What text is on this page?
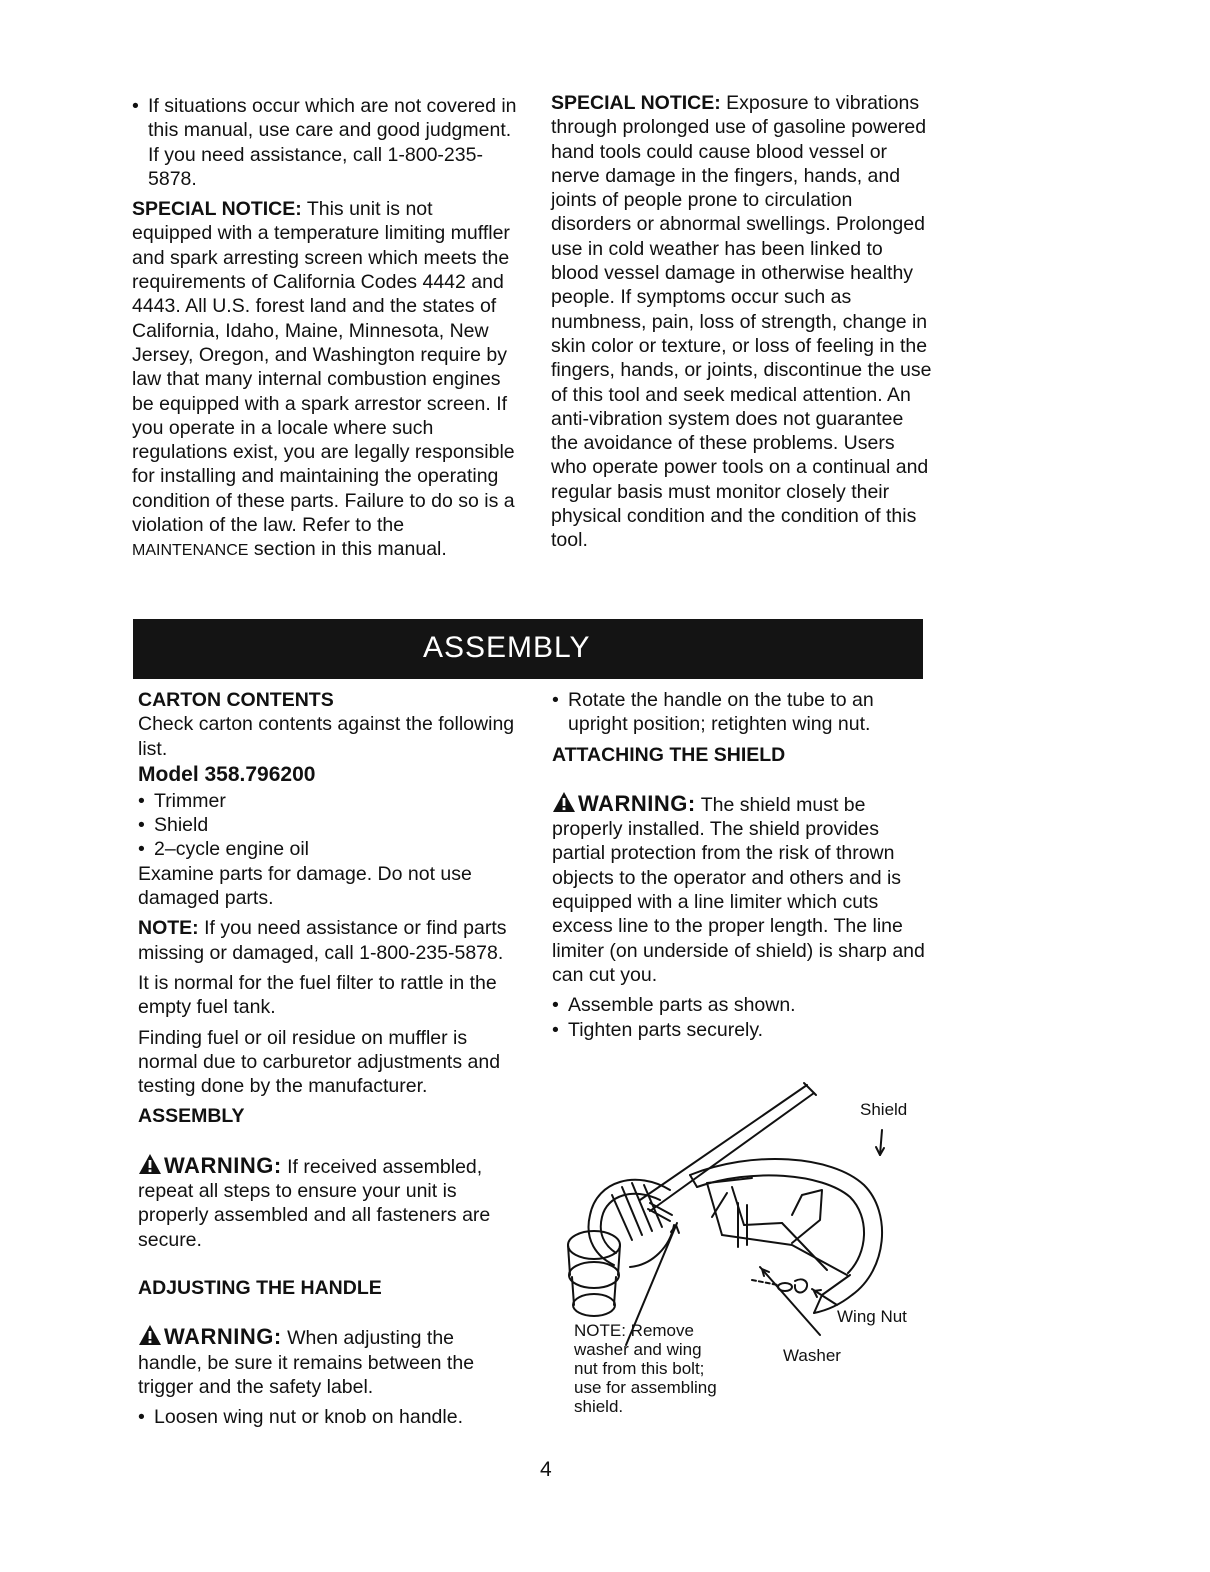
• If situations occur which are not covered in this manual, use care and good judgment. If you need assistance, call 1-800-235-5878.

SPECIAL NOTICE: This unit is not equipped with a temperature limiting muffler and spark arresting screen which meets the requirements of California Codes 4442 and 4443. All U.S. forest land and the states of California, Idaho, Maine, Minnesota, New Jersey, Oregon, and Washington require by law that many internal combustion engines be equipped with a spark arrestor screen. If you operate in a locale where such regulations exist, you are legally responsible for installing and maintaining the operating condition of these parts. Failure to do so is a violation of the law. Refer to the MAINTENANCE section in this manual.

SPECIAL NOTICE: Exposure to vibrations through prolonged use of gasoline powered hand tools could cause blood vessel or nerve damage in the fingers, hands, and joints of people prone to circulation disorders or abnormal swellings. Prolonged use in cold weather has been linked to blood vessel damage in otherwise healthy people. If symptoms occur such as numbness, pain, loss of strength, change in skin color or texture, or loss of feeling in the fingers, hands, or joints, discontinue the use of this tool and seek medical attention. An anti-vibration system does not guarantee the avoidance of these problems. Users who operate power tools on a continual and regular basis must monitor closely their physical condition and the condition of this tool.

ASSEMBLY

CARTON CONTENTS

Check carton contents against the following list.

Model 358.796200

• Trimmer

• Shield

• 2–cycle engine oil

Examine parts for damage. Do not use damaged parts.

NOTE: If you need assistance or find parts missing or damaged, call 1-800-235-5878.

It is normal for the fuel filter to rattle in the empty fuel tank.

Finding fuel or oil residue on muffler is normal due to carburetor adjustments and testing done by the manufacturer.

ASSEMBLY

WARNING: If received assembled, repeat all steps to ensure your unit is properly assembled and all fasteners are secure.

ADJUSTING THE HANDLE

WARNING: When adjusting the handle, be sure it remains between the trigger and the safety label.

• Loosen wing nut or knob on handle.

• Rotate the handle on the tube to an upright position; retighten wing nut.

ATTACHING THE SHIELD

WARNING: The shield must be properly installed. The shield provides partial protection from the risk of thrown objects to the operator and others and is equipped with a line limiter which cuts excess line to the proper length. The line limiter (on underside of shield) is sharp and can cut you.

• Assemble parts as shown.

• Tighten parts securely.

Shield
Wing Nut
Washer
NOTE: Remove
washer and wing
nut from this bolt;
use for assembling
shield.
4
